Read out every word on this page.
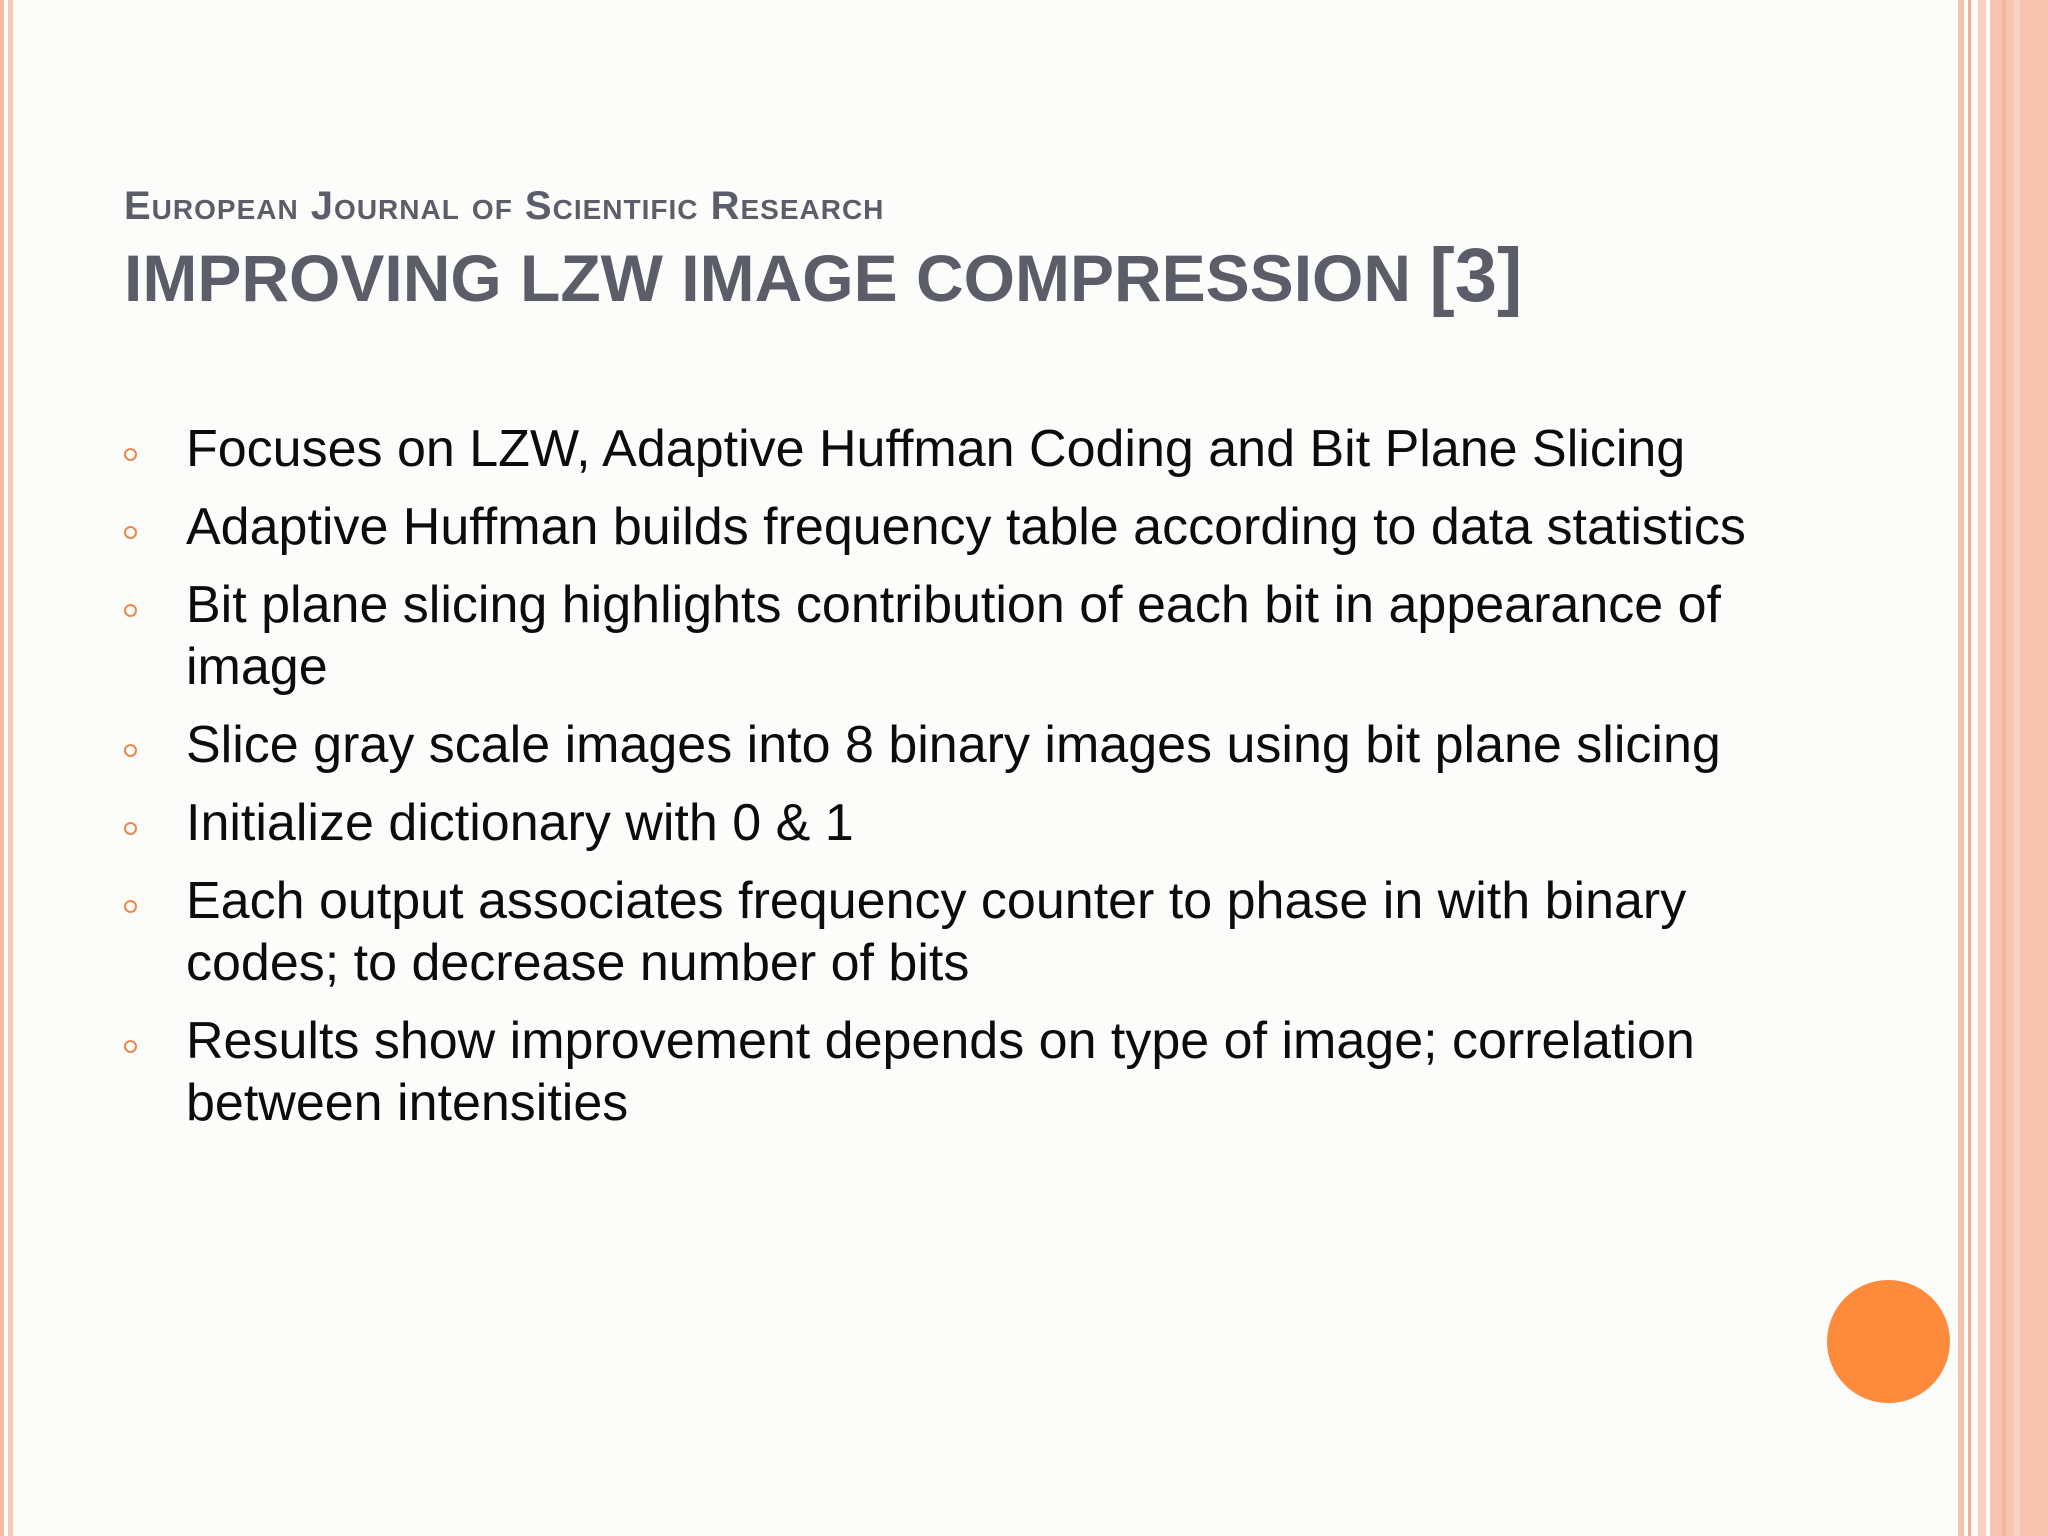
European Journal of Scientific Research
IMPROVING LZW IMAGE COMPRESSION [3]
Focuses on LZW, Adaptive Huffman Coding and Bit Plane Slicing
Adaptive Huffman builds frequency table according to data statistics
Bit plane slicing highlights contribution of each bit in appearance of image
Slice gray scale images into 8 binary images using bit plane slicing
Initialize dictionary with 0 & 1
Each output associates frequency counter to phase in with binary codes; to decrease number of bits
Results show improvement depends on type of image; correlation between intensities
